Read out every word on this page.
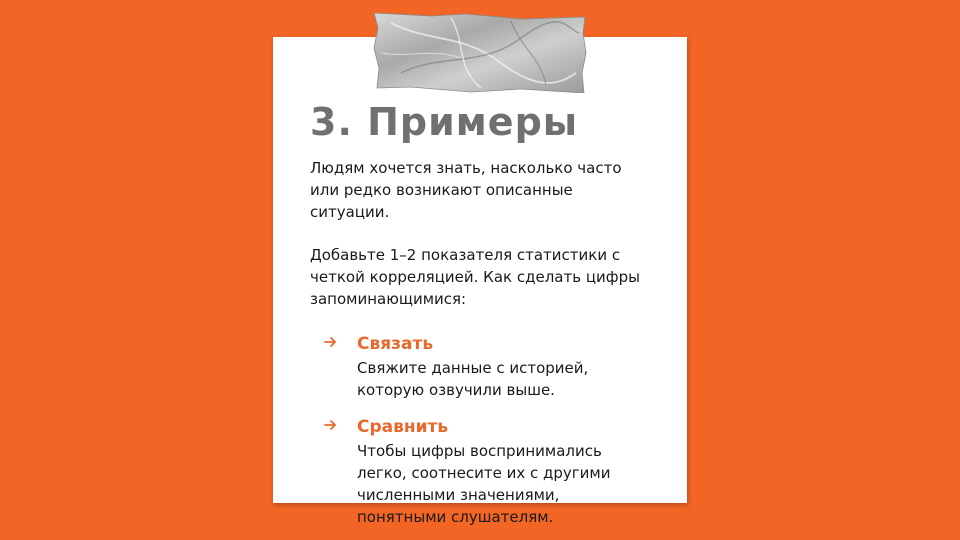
3. Примеры

Людям хочется знать, насколько часто или редко возникают описанные ситуации.

Добавьте 1–2 показателя статистики с четкой корреляцией. Как сделать цифры запоминающимися:

Связать

Свяжите данные с историей, которую озвучили выше.

Сравнить

Чтобы цифры воспринимались легко, соотнесите их с другими численными значениями, понятными слушателям.
